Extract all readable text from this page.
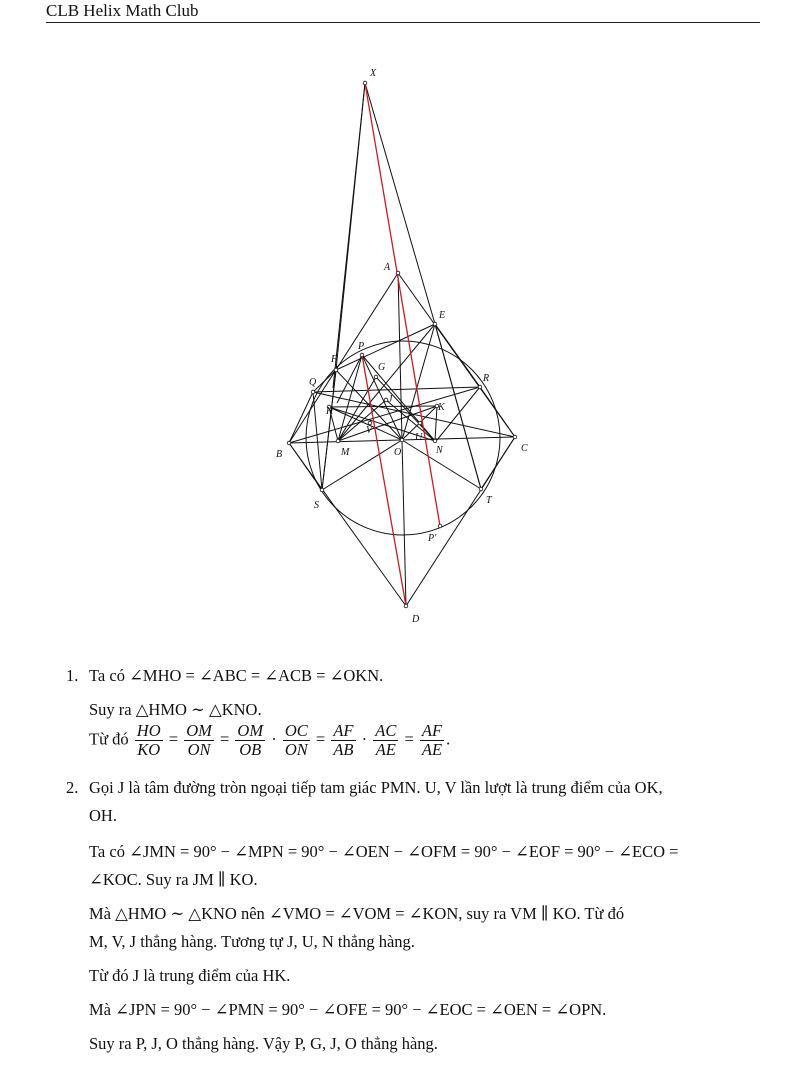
CLB Helix Math Club
X
A
E
F
P
G
Q	R
H
J
K
V
U
B	M	O	N	C
S	T
P′
D
1. Ta có ∠MHO = ∠ABC = ∠ACB = ∠OKN.
Suy ra △HMO ∼ △KNO.
Từ đó $\frac{HO}{KO} = \frac{OM}{ON} = \frac{OM}{OB} \cdot \frac{OC}{ON} = \frac{AF}{AB} \cdot \frac{AC}{AE} = \frac{AF}{AE}$ .
2. Gọi J là tâm đường tròn ngoại tiếp tam giác PMN. U, V lần lượt là trung điểm của OK,
OH.
Ta có ∠JMN = 90° − ∠MPN = 90° − ∠OEN − ∠OFM = 90° − ∠EOF = 90° − ∠ECO =
∠KOC. Suy ra JM ∥ KO.
Mà △HMO ∼ △KNO nên ∠VMO = ∠VOM = ∠KON, suy ra VM ∥ KO. Từ đó
M, V, J thẳng hàng. Tương tự J, U, N thẳng hàng.
Từ đó J là trung điểm của HK.
Mà ∠JPN = 90° − ∠PMN = 90° − ∠OFE = 90° − ∠EOC = ∠OEN = ∠OPN.
Suy ra P, J, O thẳng hàng. Vậy P, G, J, O thẳng hàng.
